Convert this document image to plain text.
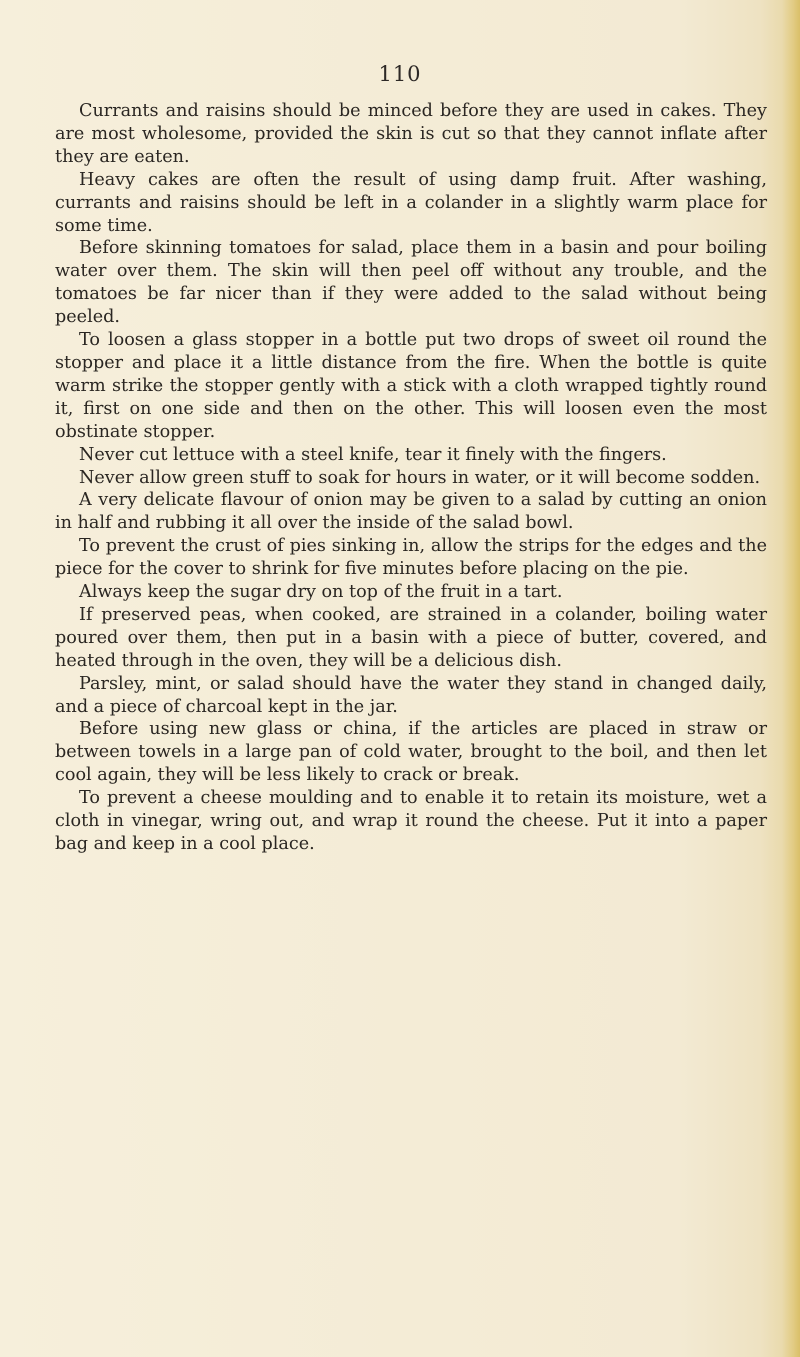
110

Currants and raisins should be minced before they are used in cakes. They are most wholesome, provided the skin is cut so that they cannot inflate after they are eaten.

Heavy cakes are often the result of using damp fruit. After washing, currants and raisins should be left in a colander in a slightly warm place for some time.

Before skinning tomatoes for salad, place them in a basin and pour boiling water over them. The skin will then peel off without any trouble, and the tomatoes be far nicer than if they were added to the salad without being peeled.

To loosen a glass stopper in a bottle put two drops of sweet oil round the stopper and place it a little distance from the fire. When the bottle is quite warm strike the stopper gently with a stick with a cloth wrapped tightly round it, first on one side and then on the other. This will loosen even the most obstinate stopper.

Never cut lettuce with a steel knife, tear it finely with the fingers.

Never allow green stuff to soak for hours in water, or it will become sodden.

A very delicate flavour of onion may be given to a salad by cutting an onion in half and rubbing it all over the inside of the salad bowl.

To prevent the crust of pies sinking in, allow the strips for the edges and the piece for the cover to shrink for five minutes before placing on the pie.

Always keep the sugar dry on top of the fruit in a tart.

If preserved peas, when cooked, are strained in a colander, boiling water poured over them, then put in a basin with a piece of butter, covered, and heated through in the oven, they will be a delicious dish.

Parsley, mint, or salad should have the water they stand in changed daily, and a piece of charcoal kept in the jar.

Before using new glass or china, if the articles are placed in straw or between towels in a large pan of cold water, brought to the boil, and then let cool again, they will be less likely to crack or break.

To prevent a cheese moulding and to enable it to retain its moisture, wet a cloth in vinegar, wring out, and wrap it round the cheese. Put it into a paper bag and keep in a cool place.
